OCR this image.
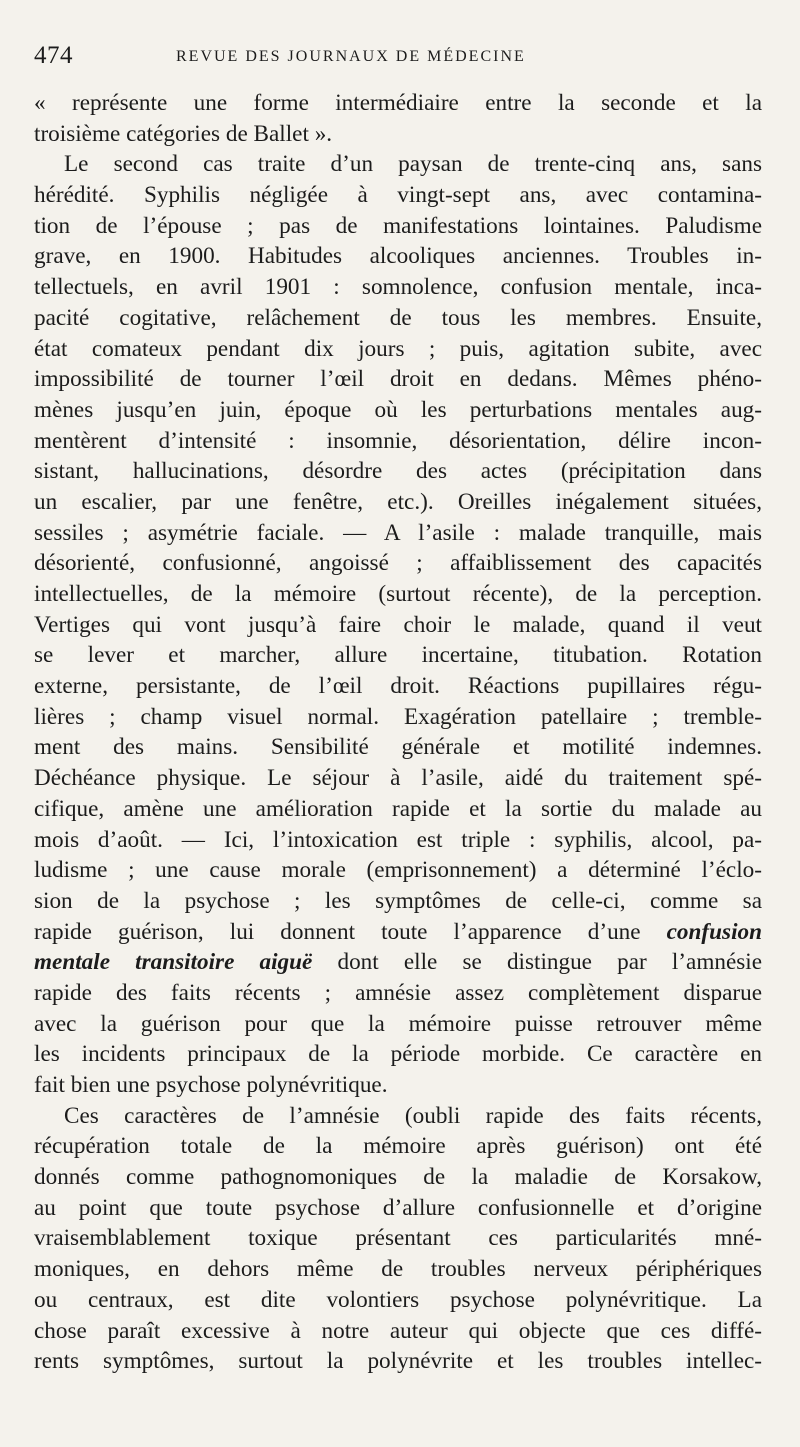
474	REVUE DES JOURNAUX DE MÉDECINE
« représente une forme intermédiaire entre la seconde et la
troisième catégories de Ballet ».
Le second cas traite d’un paysan de trente-cinq ans, sans
hérédité. Syphilis négligée à vingt-sept ans, avec contamina-
tion de l’épouse ; pas de manifestations lointaines. Paludisme
grave, en 1900. Habitudes alcooliques anciennes. Troubles in-
tellectuels, en avril 1901 : somnolence, confusion mentale, inca-
pacité cogitative, relâchement de tous les membres. Ensuite,
état comateux pendant dix jours ; puis, agitation subite, avec
impossibilité de tourner l’œil droit en dedans. Mêmes phéno-
mènes jusqu’en juin, époque où les perturbations mentales aug-
mentèrent d’intensité : insomnie, désorientation, délire incon-
sistant, hallucinations, désordre des actes (précipitation dans
un escalier, par une fenêtre, etc.). Oreilles inégalement situées,
sessiles ; asymétrie faciale. — A l’asile : malade tranquille, mais
désorienté, confusionné, angoissé ; affaiblissement des capacités
intellectuelles, de la mémoire (surtout récente), de la perception.
Vertiges qui vont jusqu’à faire choir le malade, quand il veut
se lever et marcher, allure incertaine, titubation. Rotation
externe, persistante, de l’œil droit. Réactions pupillaires régu-
lières ; champ visuel normal. Exagération patellaire ; tremble-
ment des mains. Sensibilité générale et motilité indemnes.
Déchéance physique. Le séjour à l’asile, aidé du traitement spé-
cifique, amène une amélioration rapide et la sortie du malade au
mois d’août. — Ici, l’intoxication est triple : syphilis, alcool, pa-
ludisme ; une cause morale (emprisonnement) a déterminé l’éclo-
sion de la psychose ; les symptômes de celle-ci, comme sa
rapide guérison, lui donnent toute l’apparence d’une confusion
mentale transitoire aiguë dont elle se distingue par l’amnésie
rapide des faits récents ; amnésie assez complètement disparue
avec la guérison pour que la mémoire puisse retrouver même
les incidents principaux de la période morbide. Ce caractère en
fait bien une psychose polynévritique.
Ces caractères de l’amnésie (oubli rapide des faits récents,
récupération totale de la mémoire après guérison) ont été
donnés comme pathognomoniques de la maladie de Korsakow,
au point que toute psychose d’allure confusionnelle et d’origine
vraisemblablement toxique présentant ces particularités mné-
moniques, en dehors même de troubles nerveux périphériques
ou centraux, est dite volontiers psychose polynévritique. La
chose paraît excessive à notre auteur qui objecte que ces diffé-
rents symptômes, surtout la polynévrite et les troubles intellec-
